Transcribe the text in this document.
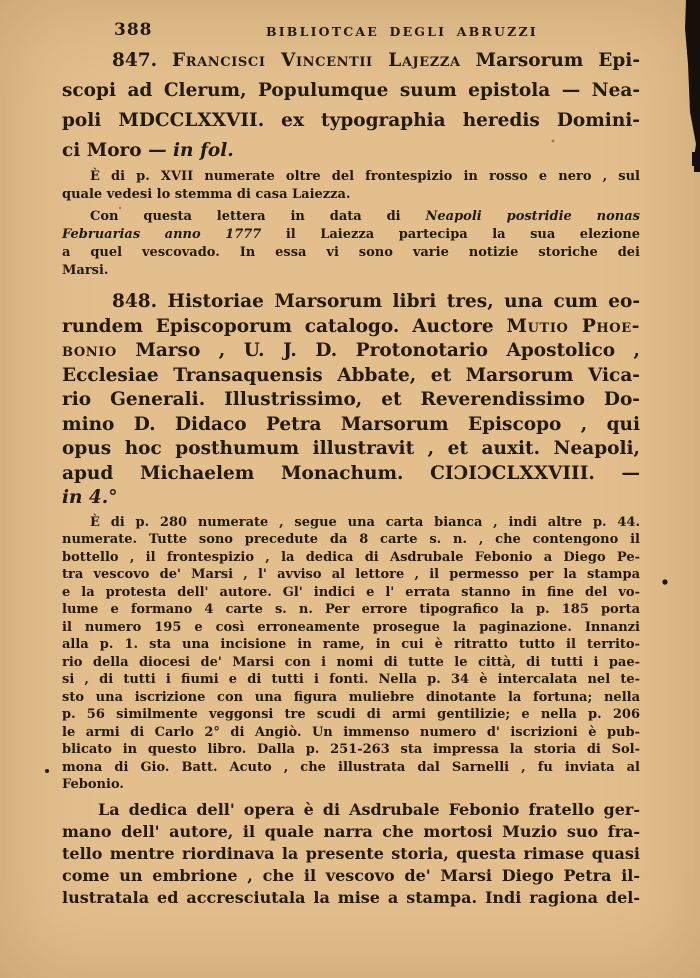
388	BIBLIOTCAE DEGLI ABRUZZI
847. Francisci Vincentii Lajezza Marsorum Epi-
scopi ad Clerum, Populumque suum epistola — Nea-
poli MDCCLXXVII. ex typographia heredis Domini-
ci Moro — in fol.
È di p. XVII numerate oltre del frontespizio in rosso e nero , sul
quale vedesi lo stemma di casa Laiezza.
Con questa lettera in data di Neapoli postridie nonas
Februarias anno 1777 il Laiezza partecipa la sua elezione
a quel vescovado. In essa vi sono varie notizie storiche dei
Marsi.
848. Historiae Marsorum libri tres, una cum eo-
rundem Episcoporum catalogo. Auctore Mutio Phoe-
bonio Marso , U. J. D. Protonotario Apostolico ,
Ecclesiae Transaquensis Abbate, et Marsorum Vica-
rio Generali. Illustrissimo, et Reverendissimo Do-
mino D. Didaco Petra Marsorum Episcopo , qui
opus hoc posthumum illustravit , et auxit. Neapoli,
apud Michaelem Monachum. CIƆIƆCLXXVIII. —
in 4.°
È di p. 280 numerate , segue una carta bianca , indi altre p. 44.
numerate. Tutte sono precedute da 8 carte s. n. , che contengono il
bottello , il frontespizio , la dedica di Asdrubale Febonio a Diego Pe-
tra vescovo de' Marsi , l' avviso al lettore , il permesso per la stampa
e la protesta dell' autore. Gl' indici e l' errata stanno in fine del vo-
lume e formano 4 carte s. n. Per errore tipografico la p. 185 porta
il numero 195 e così erroneamente prosegue la paginazione. Innanzi
alla p. 1. sta una incisione in rame, in cui è ritratto tutto il territo-
rio della diocesi de' Marsi con i nomi di tutte le città, di tutti i pae-
si , di tutti i fiumi e di tutti i fonti. Nella p. 34 è intercalata nel te-
sto una iscrizione con una figura muliebre dinotante la fortuna; nella
p. 56 similmente veggonsi tre scudi di armi gentilizie; e nella p. 206
le armi di Carlo 2° di Angiò. Un immenso numero d' iscrizioni è pub-
blicato in questo libro. Dalla p. 251-263 sta impressa la storia di Sol-
mona di Gio. Batt. Acuto , che illustrata dal Sarnelli , fu inviata al
Febonio.
La dedica dell' opera è di Asdrubale Febonio fratello ger-
mano dell' autore, il quale narra che mortosi Muzio suo fra-
tello mentre riordinava la presente storia, questa rimase quasi
come un embrione , che il vescovo de' Marsi Diego Petra il-
lustratala ed accresciutala la mise a stampa. Indi ragiona del-
